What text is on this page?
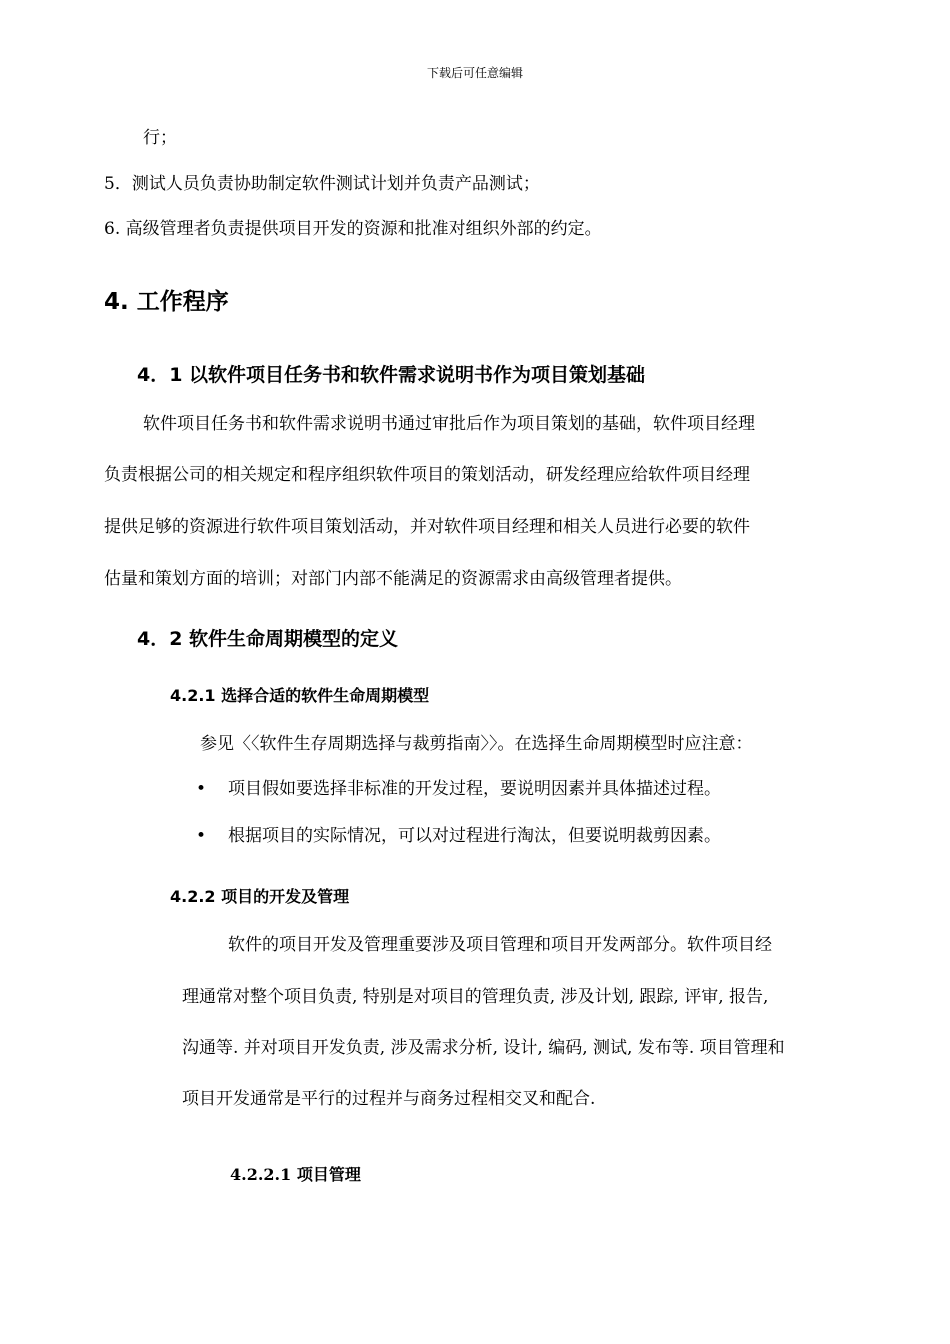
下载后可任意编辑
行；
5．测试人员负责协助制定软件测试计划并负责产品测试；
6. 高级管理者负责提供项目开发的资源和批准对组织外部的约定。
4. 工作程序
4．1 以软件项目任务书和软件需求说明书作为项目策划基础
软件项目任务书和软件需求说明书通过审批后作为项目策划的基础，软件项目经理
负责根据公司的相关规定和程序组织软件项目的策划活动，研发经理应给软件项目经理
提供足够的资源进行软件项目策划活动，并对软件项目经理和相关人员进行必要的软件
估量和策划方面的培训；对部门内部不能满足的资源需求由高级管理者提供。
4．2 软件生命周期模型的定义
4.2.1 选择合适的软件生命周期模型
参见〈〈软件生存周期选择与裁剪指南〉〉。在选择生命周期模型时应注意：
• 项目假如要选择非标准的开发过程，要说明因素并具体描述过程。
• 根据项目的实际情况，可以对过程进行淘汰，但要说明裁剪因素。
4.2.2 项目的开发及管理
软件的项目开发及管理重要涉及项目管理和项目开发两部分。软件项目经
理通常对整个项目负责, 特别是对项目的管理负责, 涉及计划, 跟踪, 评审, 报告,
沟通等. 并对项目开发负责, 涉及需求分析, 设计, 编码, 测试, 发布等. 项目管理和
项目开发通常是平行的过程并与商务过程相交叉和配合.
4.2.2.1 项目管理
